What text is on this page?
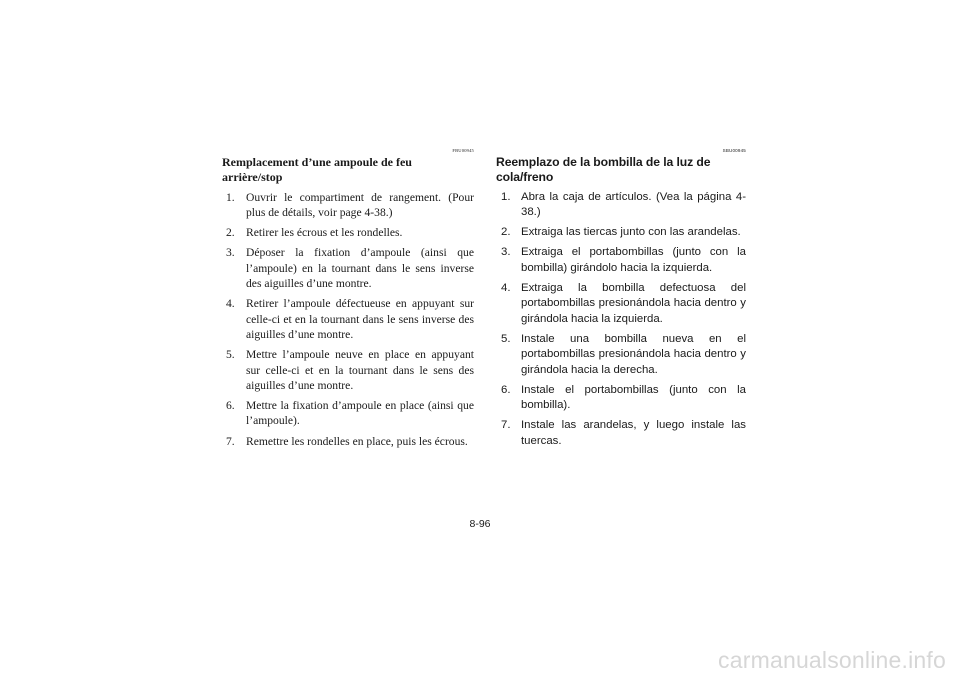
FBU00945
Remplacement d’une ampoule de feu arrière/stop
1. Ouvrir le compartiment de rangement. (Pour plus de détails, voir page 4-38.)
2. Retirer les écrous et les rondelles.
3. Déposer la fixation d’ampoule (ainsi que l’ampoule) en la tournant dans le sens inverse des aiguilles d’une montre.
4. Retirer l’ampoule défectueuse en appuyant sur celle-ci et en la tournant dans le sens inverse des aiguilles d’une montre.
5. Mettre l’ampoule neuve en place en appuyant sur celle-ci et en la tournant dans le sens des aiguilles d’une montre.
6. Mettre la fixation d’ampoule en place (ainsi que l’ampoule).
7. Remettre les rondelles en place, puis les écrous.
SBU00945
Reemplazo de la bombilla de la luz de cola/freno
1. Abra la caja de artículos. (Vea la página 4-38.)
2. Extraiga las tiercas junto con las arandelas.
3. Extraiga el portabombillas (junto con la bombilla) girándolo hacia la izquierda.
4. Extraiga la bombilla defectuosa del portabombillas presionándola hacia dentro y girándola hacia la izquierda.
5. Instale una bombilla nueva en el portabombillas presionándola hacia dentro y girándola hacia la derecha.
6. Instale el portabombillas (junto con la bombilla).
7. Instale las arandelas, y luego instale las tuercas.
8-96
carmanualsonline.info
